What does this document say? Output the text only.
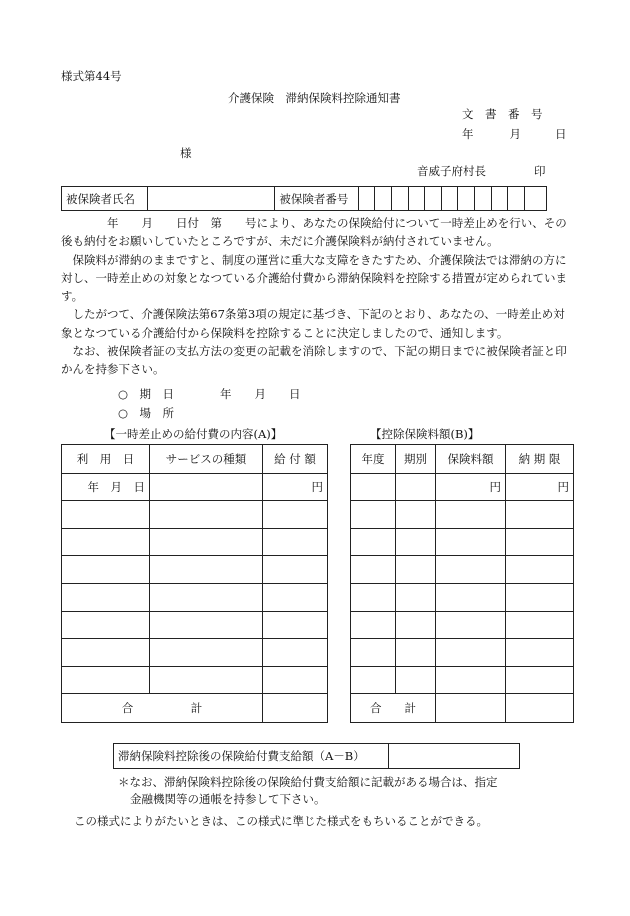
様式第44号
介護保険　滞納保険料控除通知書
文　書　番　号
年	月	日
様
音威子府村長	印
被保険者氏名		被保険者番号											

年　　月　　日付　第　　号により、あなたの保険給付について一時差止めを行い、その後も納付をお願いしていたところですが、未だに介護保険料が納付されていません。

保険料が滞納のままですと、制度の運営に重大な支障をきたすため、介護保険法では滞納の方に対し、一時差止めの対象となつている介護給付費から滞納保険料を控除する措置が定められています。

したがつて、介護保険法第67条第3項の規定に基づき、下記のとおり、あなたの、一時差止め対象となつている介護給付から保険料を控除することに決定しましたので、通知します。

なお、被保険者証の支払方法の変更の記載を消除しますので、下記の期日までに被保険者証と印かんを持参下さい。

○　期　日　　　　年　　月　　日
○　場　所
【一時差止めの給付費の内容(A)】
利　用　日	サービスの種類	給 付 額
年　月　日		円

合　　　　　計		
【控除保険料額(B)】
年度	期別	保険料額	納 期 限
		円	円

合　　計			
滞納保険料控除後の保険給付費支給額（A－B）
＊なお、滞納保険料控除後の保険給付費支給額に記載がある場合は、指定
金融機関等の通帳を持参して下さい。
この様式によりがたいときは、この様式に準じた様式をもちいることができる。
